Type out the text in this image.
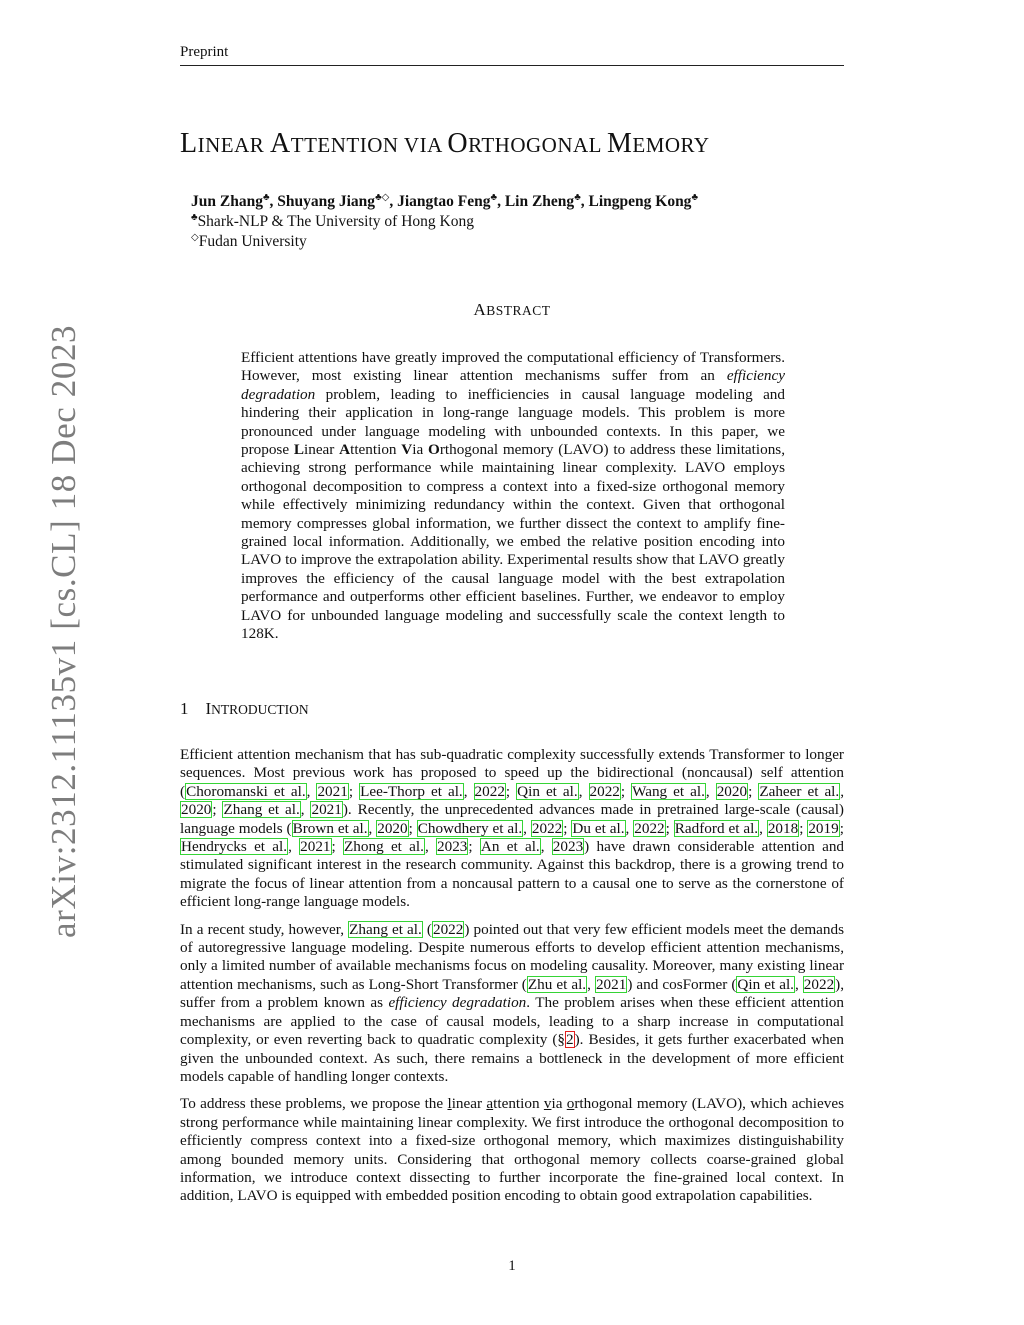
Preprint
arXiv:2312.11135v1 [cs.CL] 18 Dec 2023
LINEAR ATTENTION VIA ORTHOGONAL MEMORY
Jun Zhang♣, Shuyang Jiang♣◇, Jiangtao Feng♣, Lin Zheng♣, Lingpeng Kong♣
♣Shark-NLP & The University of Hong Kong
◇Fudan University
ABSTRACT
Efficient attentions have greatly improved the computational efficiency of Transformers. However, most existing linear attention mechanisms suffer from an efficiency degradation problem, leading to inefficiencies in causal language modeling and hindering their application in long-range language models. This problem is more pronounced under language modeling with unbounded contexts. In this paper, we propose Linear Attention Via Orthogonal memory (LAVO) to address these limitations, achieving strong performance while maintaining linear complexity. LAVO employs orthogonal decomposition to compress a context into a fixed-size orthogonal memory while effectively minimizing redundancy within the context. Given that orthogonal memory compresses global information, we further dissect the context to amplify fine-grained local information. Additionally, we embed the relative position encoding into LAVO to improve the extrapolation ability. Experimental results show that LAVO greatly improves the efficiency of the causal language model with the best extrapolation performance and outperforms other efficient baselines. Further, we endeavor to employ LAVO for unbounded language modeling and successfully scale the context length to 128K.
1 INTRODUCTION

Efficient attention mechanism that has sub-quadratic complexity successfully extends Transformer to longer sequences. Most previous work has proposed to speed up the bidirectional (noncausal) self attention (Choromanski et al., 2021; Lee-Thorp et al., 2022; Qin et al., 2022; Wang et al., 2020; Zaheer et al., 2020; Zhang et al., 2021). Recently, the unprecedented advances made in pretrained large-scale (causal) language models (Brown et al., 2020; Chowdhery et al., 2022; Du et al., 2022; Radford et al., 2018; 2019; Hendrycks et al., 2021; Zhong et al., 2023; An et al., 2023) have drawn considerable attention and stimulated significant interest in the research community. Against this backdrop, there is a growing trend to migrate the focus of linear attention from a noncausal pattern to a causal one to serve as the cornerstone of efficient long-range language models.

In a recent study, however, Zhang et al. (2022) pointed out that very few efficient models meet the demands of autoregressive language modeling. Despite numerous efforts to develop efficient attention mechanisms, only a limited number of available mechanisms focus on modeling causality. Moreover, many existing linear attention mechanisms, such as Long-Short Transformer (Zhu et al., 2021) and cosFormer (Qin et al., 2022), suffer from a problem known as efficiency degradation. The problem arises when these efficient attention mechanisms are applied to the case of causal models, leading to a sharp increase in computational complexity, or even reverting back to quadratic complexity (§2). Besides, it gets further exacerbated when given the unbounded context. As such, there remains a bottleneck in the development of more efficient models capable of handling longer contexts.

To address these problems, we propose the linear attention via orthogonal memory (LAVO), which achieves strong performance while maintaining linear complexity. We first introduce the orthogonal decomposition to efficiently compress context into a fixed-size orthogonal memory, which maximizes distinguishability among bounded memory units. Considering that orthogonal memory collects coarse-grained global information, we introduce context dissecting to further incorporate the fine-grained local context. In addition, LAVO is equipped with embedded position encoding to obtain good extrapolation capabilities.

1
